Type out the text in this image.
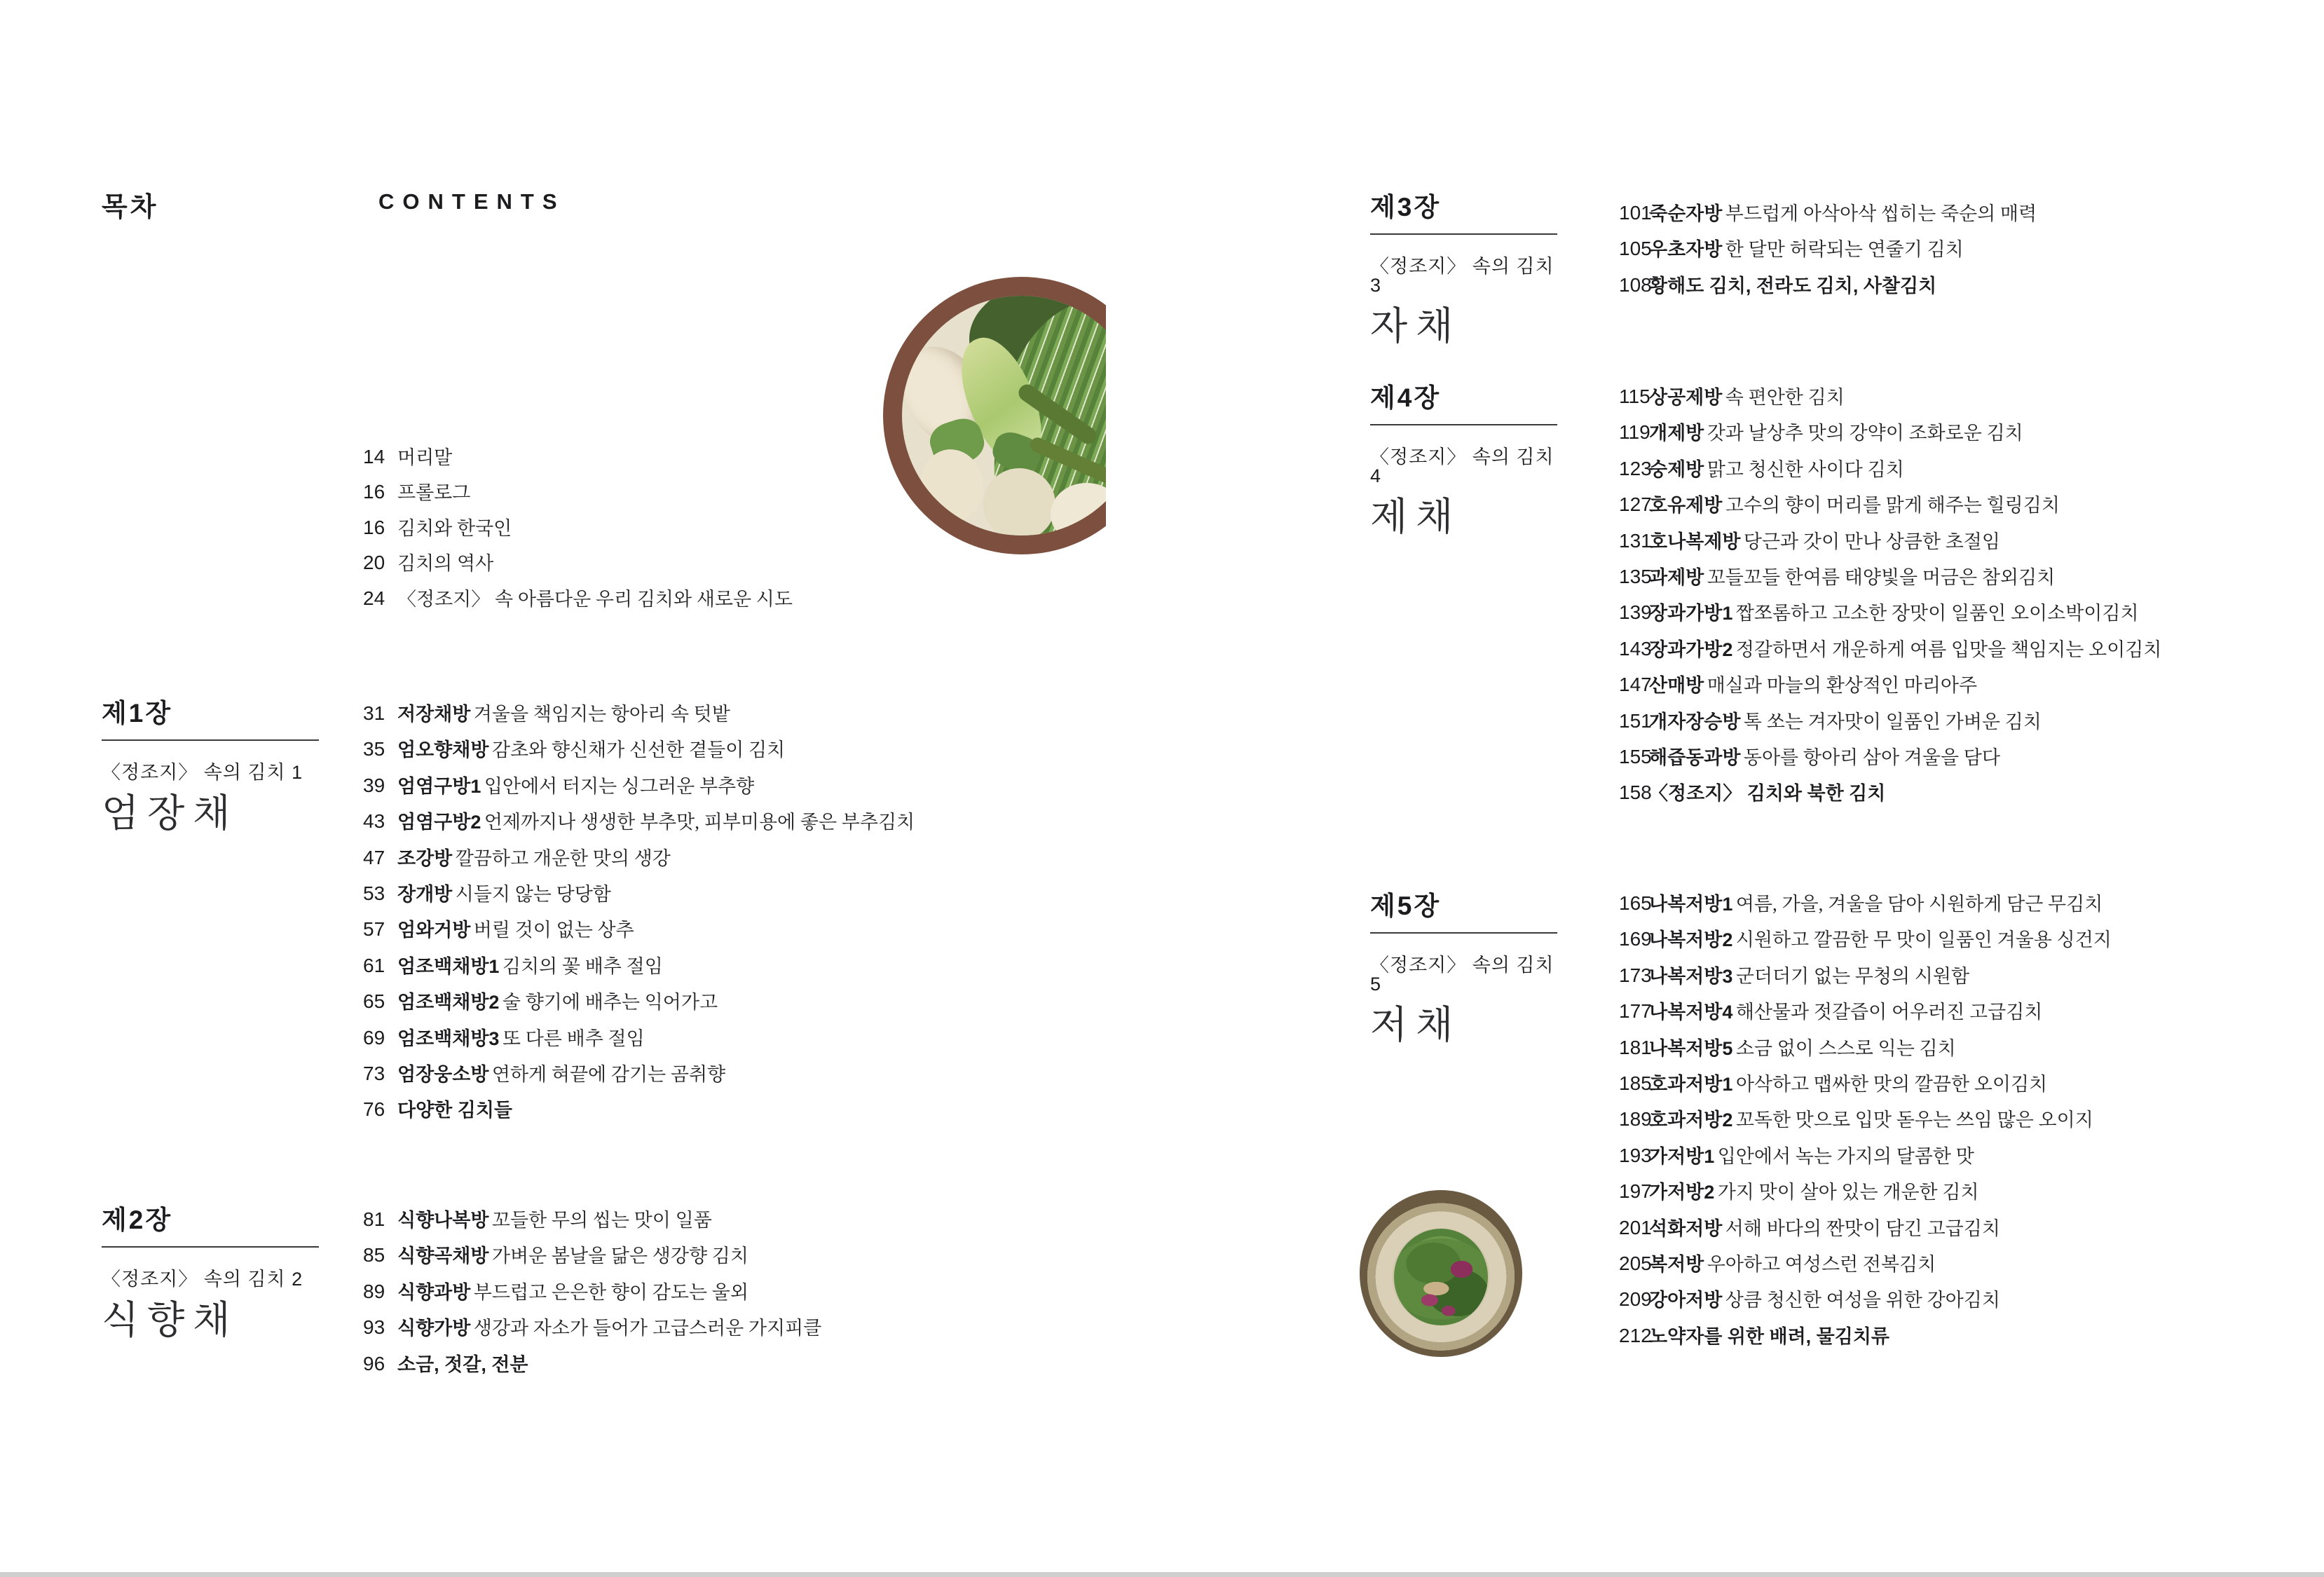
목차	CONTENTS
14 머리말
16 프롤로그
16 김치와 한국인
20 김치의 역사
24 〈정조지〉 속 아름다운 우리 김치와 새로운 시도
제1장
〈정조지〉 속의 김치 1
엄장채
31 저장채방 겨울을 책임지는 항아리 속 텃밭
35 엄오향채방 감초와 향신채가 신선한 곁들이 김치
39 엄염구방1 입안에서 터지는 싱그러운 부추향
43 엄염구방2 언제까지나 생생한 부추맛, 피부미용에 좋은 부추김치
47 조강방 깔끔하고 개운한 맛의 생강
53 장개방 시들지 않는 당당함
57 엄와거방 버릴 것이 없는 상추
61 엄조백채방1 김치의 꽃 배추 절임
65 엄조백채방2 술 향기에 배추는 익어가고
69 엄조백채방3 또 다른 배추 절임
73 엄장웅소방 연하게 혀끝에 감기는 곰취향
76 다양한 김치들
제2장
〈정조지〉 속의 김치 2
식향채
81 식향나복방 꼬들한 무의 씹는 맛이 일품
85 식향곡채방 가벼운 봄날을 닮은 생강향 김치
89 식향과방 부드럽고 은은한 향이 감도는 울외
93 식향가방 생강과 자소가 들어가 고급스러운 가지피클
96 소금, 젓갈, 전분
제3장
〈정조지〉 속의 김치 3
자채
101
죽순자방 부드럽게 아삭아삭 씹히는 죽순의 매력
105
우초자방 한 달만 허락되는 연줄기 김치
108
황해도 김치, 전라도 김치, 사찰김치
제4장
〈정조지〉 속의 김치 4
제채
115
상공제방 속 편안한 김치
119
개제방 갓과 날상추 맛의 강약이 조화로운 김치
123
숭제방 맑고 청신한 사이다 김치
127
호유제방 고수의 향이 머리를 맑게 해주는 힐링김치
131
호나복제방 당근과 갓이 만나 상큼한 초절임
135
과제방 꼬들꼬들 한여름 태양빛을 머금은 참외김치
139
장과가방1 짭쪼롬하고 고소한 장맛이 일품인 오이소박이김치
143
장과가방2 정갈하면서 개운하게 여름 입맛을 책임지는 오이김치
147
산매방 매실과 마늘의 환상적인 마리아주
151
개자장승방 톡 쏘는 겨자맛이 일품인 가벼운 김치
155
해즙동과방 동아를 항아리 삼아 겨울을 담다
158
〈정조지〉 김치와 북한 김치
제5장
〈정조지〉 속의 김치 5
저채
165
나복저방1 여름, 가을, 겨울을 담아 시원하게 담근 무김치
169
나복저방2 시원하고 깔끔한 무 맛이 일품인 겨울용 싱건지
173
나복저방3 군더더기 없는 무청의 시원함
177
나복저방4 해산물과 젓갈즙이 어우러진 고급김치
181
나복저방5 소금 없이 스스로 익는 김치
185
호과저방1 아삭하고 맵싸한 맛의 깔끔한 오이김치
189
호과저방2 꼬독한 맛으로 입맛 돋우는 쓰임 많은 오이지
193
가저방1 입안에서 녹는 가지의 달콤한 맛
197
가저방2 가지 맛이 살아 있는 개운한 김치
201
석화저방 서해 바다의 짠맛이 담긴 고급김치
205
복저방 우아하고 여성스런 전복김치
209
강아저방 상큼 청신한 여성을 위한 강아김치
212
노약자를 위한 배려, 물김치류
